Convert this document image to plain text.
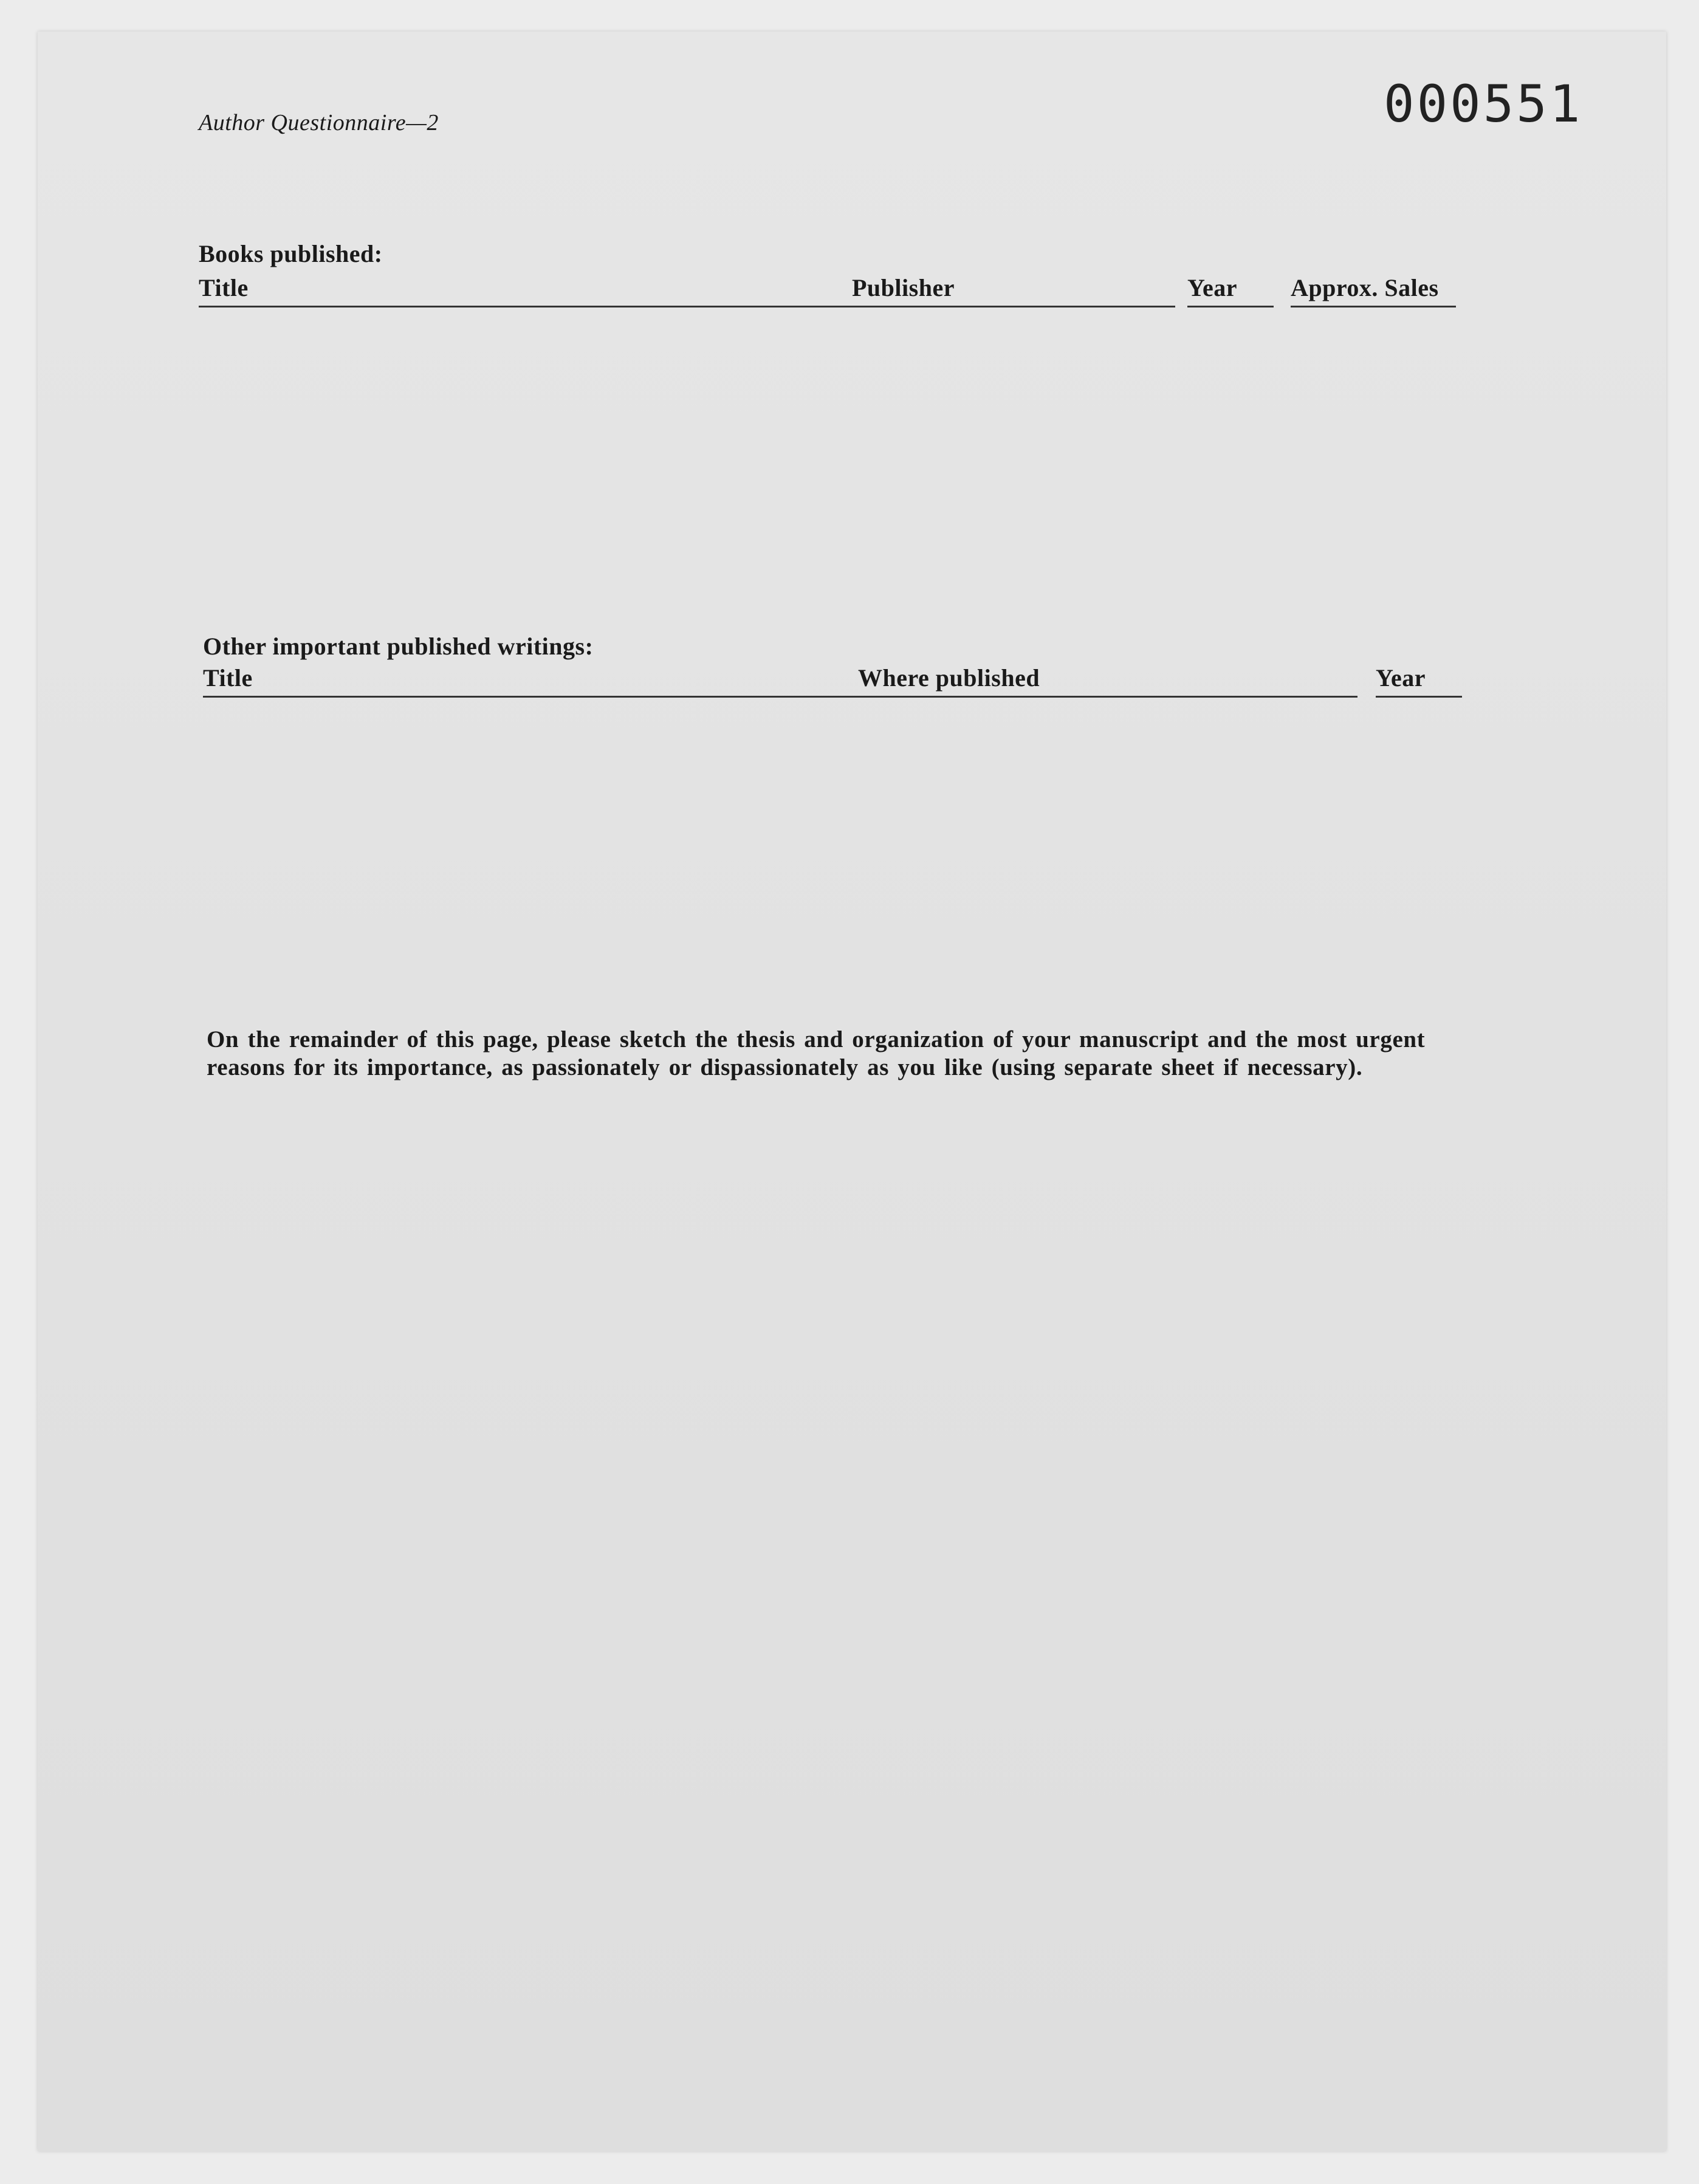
Author Questionnaire—2	000551
Books published:
Title	Publisher	Year	Approx. Sales
Other important published writings:
Title	Where published	Year
On the remainder of this page, please sketch the thesis and organization of your manuscript and the most urgent reasons for its importance, as passionately or dispassionately as you like (using separate sheet if necessary).
